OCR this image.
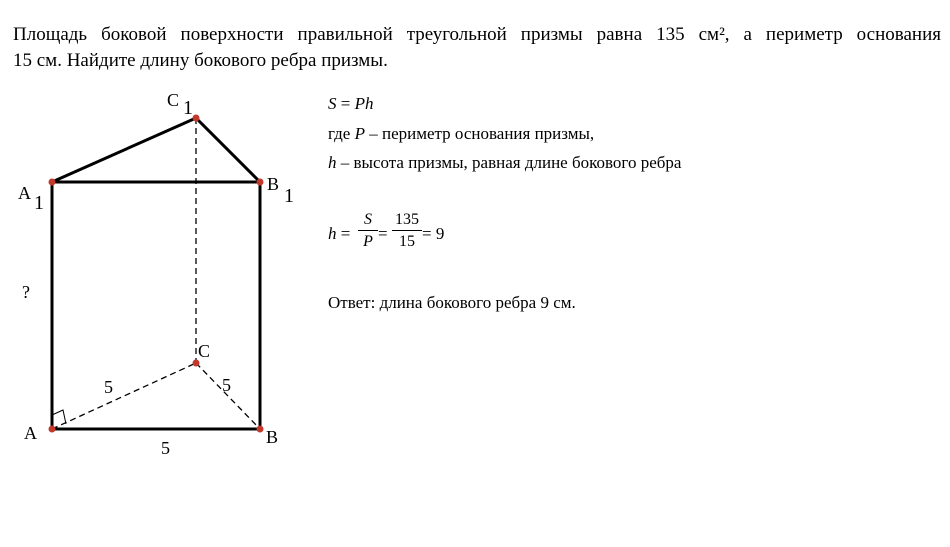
Площадь боковой поверхности правильной треугольной призмы равна 135 см², а периметр основания
15 см. Найдите длину бокового ребра призмы.
C 1
A 1
B
1
C
A	B
5	5
5
?
S = Ph
где P – периметр основания призмы,
h – высота призмы, равная длине бокового ребра
h =
S
P =
135
15 = 9
Ответ: длина бокового ребра 9 см.
